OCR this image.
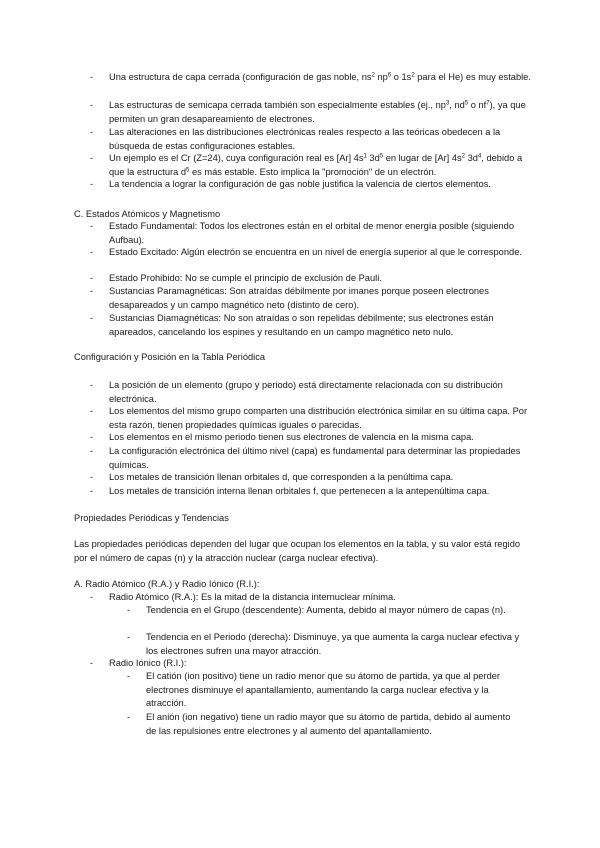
- Una estructura de capa cerrada (configuración de gas noble, $ns^2$ $np^6$ o $1s^2$ para el He) es muy estable.
- Las estructuras de semicapa cerrada también son especialmente estables (ej., $np^3$, $nd^5$ o $nf^7$), ya que permiten un gran desapareamiento de electrones.
- Las alteraciones en las distribuciones electrónicas reales respecto a las teóricas obedecen a la búsqueda de estas configuraciones estables.
- Un ejemplo es el Cr (Z=24), cuya configuración real es [Ar] $4s^1$ $3d^5$ en lugar de [Ar] $4s^2$ $3d^4$, debido a que la estructura $d^5$ es más estable. Esto implica la "promoción" de un electrón.
- La tendencia a lograr la configuración de gas noble justifica la valencia de ciertos elementos.
C. Estados Atómicos y Magnetismo
- Estado Fundamental: Todos los electrones están en el orbital de menor energía posible (siguiendo Aufbau).
- Estado Excitado: Algún electrón se encuentra en un nivel de energía superior al que le corresponde.
- Estado Prohibido: No se cumple el principio de exclusión de Pauli.
- Sustancias Paramagnéticas: Son atraídas débilmente por imanes porque poseen electrones desapareados y un campo magnético neto (distinto de cero).
- Sustancias Diamagnéticas: No son atraídas o son repelidas débilmente; sus electrones están apareados, cancelando los espines y resultando en un campo magnético neto nulo.
Configuración y Posición en la Tabla Periódica
- La posición de un elemento (grupo y periodo) está directamente relacionada con su distribución electrónica.
- Los elementos del mismo grupo comparten una distribución electrónica similar en su última capa. Por esta razón, tienen propiedades químicas iguales o parecidas.
- Los elementos en el mismo periodo tienen sus electrones de valencia en la misma capa.
- La configuración electrónica del último nivel (capa) es fundamental para determinar las propiedades químicas.
- Los metales de transición llenan orbitales d, que corresponden a la penúltima capa.
- Los metales de transición interna llenan orbitales f, que pertenecen a la antepenúltima capa.
Propiedades Periódicas y Tendencias
Las propiedades periódicas dependen del lugar que ocupan los elementos en la tabla, y su valor está regido por el número de capas (n) y la atracción nuclear (carga nuclear efectiva).
A. Radio Atómico (R.A.) y Radio Iónico (R.I.):
- Radio Atómico (R.A.): Es la mitad de la distancia internuclear mínima.
- Tendencia en el Grupo (descendente): Aumenta, debido al mayor número de capas (n).
- Tendencia en el Periodo (derecha): Disminuye, ya que aumenta la carga nuclear efectiva y los electrones sufren una mayor atracción.
- Radio Iónico (R.I.):
- El catión (ion positivo) tiene un radio menor que su átomo de partida, ya que al perder electrones disminuye el apantallamiento, aumentando la carga nuclear efectiva y la atracción.
- El anión (ion negativo) tiene un radio mayor que su átomo de partida, debido al aumento de las repulsiones entre electrones y al aumento del apantallamiento.
